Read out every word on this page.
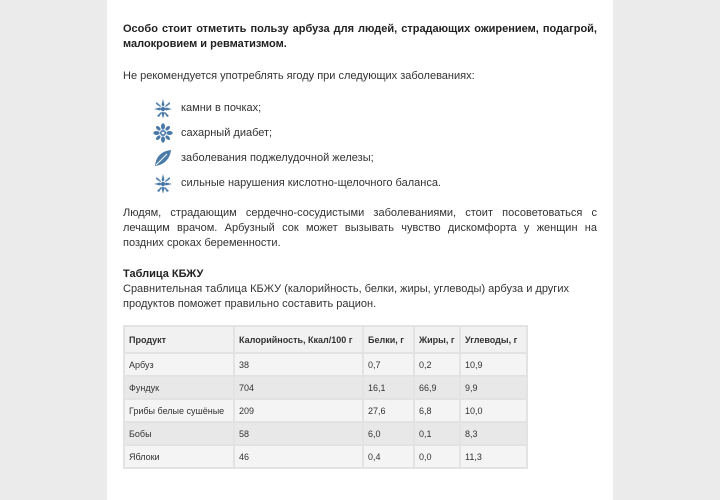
Особо стоит отметить пользу арбуза для людей, страдающих ожирением, подагрой, малокровием и ревматизмом.

Не рекомендуется употреблять ягоду при следующих заболеваниях:

камни в почках;
сахарный диабет;
заболевания поджелудочной железы;
сильные нарушения кислотно-щелочного баланса.

Людям, страдающим сердечно-сосудистыми заболеваниями, стоит посоветоваться с лечащим врачом. Арбузный сок может вызывать чувство дискомфорта у женщин на поздних сроках беременности.

Таблица КБЖУ

Сравнительная таблица КБЖУ (калорийность, белки, жиры, углеводы) арбуза и других продуктов поможет правильно составить рацион.

Продукт	Калорийность, Ккал/100 г	Белки, г	Жиры, г	Углеводы, г
Арбуз	38	0,7	0,2	10,9
Фундук	704	16,1	66,9	9,9
Грибы белые сушёные	209	27,6	6,8	10,0
Бобы	58	6,0	0,1	8,3
Яблоки	46	0,4	0,0	11,3
